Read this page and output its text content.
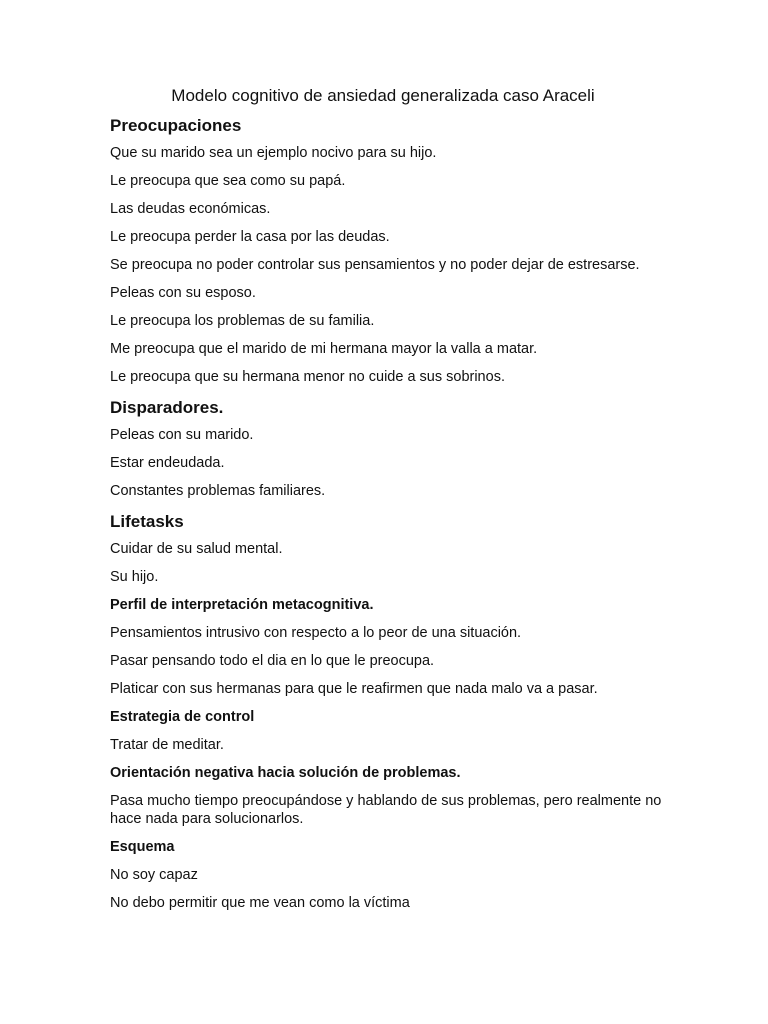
Modelo cognitivo de ansiedad generalizada caso Araceli
Preocupaciones
Que su marido sea un ejemplo nocivo para su hijo.
Le preocupa que sea como su papá.
Las deudas económicas.
Le preocupa perder la casa por las deudas.
Se preocupa no poder controlar sus pensamientos y no poder dejar de estresarse.
Peleas con su esposo.
Le preocupa los problemas de su familia.
Me preocupa que el marido de mi hermana mayor la valla a matar.
Le preocupa que su hermana menor no cuide a sus sobrinos.
Disparadores.
Peleas con su marido.
Estar endeudada.
Constantes problemas familiares.
Lifetasks
Cuidar de su salud mental.
Su hijo.
Perfil de interpretación metacognitiva.
Pensamientos intrusivo con respecto a lo peor de una situación.
Pasar pensando todo el dia en lo que le preocupa.
Platicar con sus hermanas para que le reafirmen que nada malo va a pasar.
Estrategia de control
Tratar de meditar.
Orientación negativa hacia solución de problemas.
Pasa mucho tiempo preocupándose y hablando de sus problemas, pero realmente no hace nada para solucionarlos.
Esquema
No soy capaz
No debo permitir que me vean como la víctima
